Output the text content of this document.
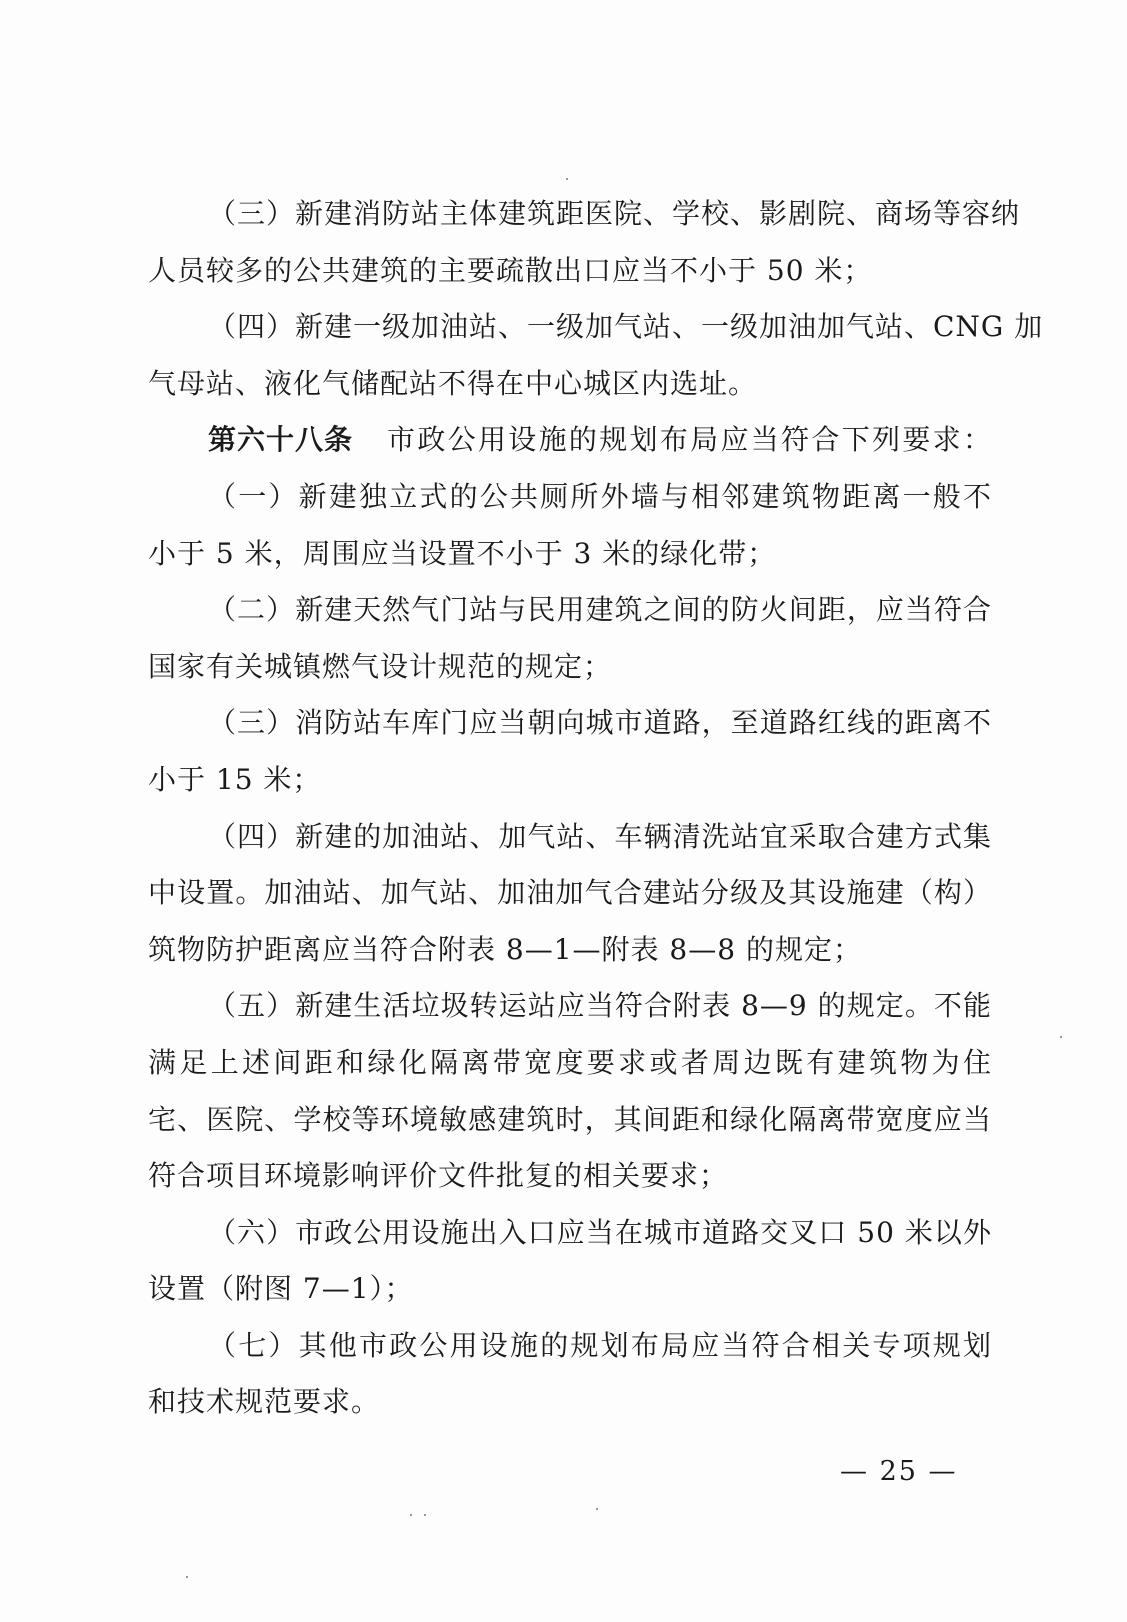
（三）新建消防站主体建筑距医院、学校、影剧院、商场等容纳
人员较多的公共建筑的主要疏散出口应当不小于 50 米；
（四）新建一级加油站、一级加气站、一级加油加气站、CNG 加
气母站、液化气储配站不得在中心城区内选址。
第六十八条 市政公用设施的规划布局应当符合下列要求：
（一）新建独立式的公共厕所外墙与相邻建筑物距离一般不
小于 5 米，周围应当设置不小于 3 米的绿化带；
（二）新建天然气门站与民用建筑之间的防火间距，应当符合
国家有关城镇燃气设计规范的规定；
（三）消防站车库门应当朝向城市道路，至道路红线的距离不
小于 15 米；
（四）新建的加油站、加气站、车辆清洗站宜采取合建方式集
中设置。加油站、加气站、加油加气合建站分级及其设施建（构）
筑物防护距离应当符合附表 8—1—附表 8—8 的规定；
（五）新建生活垃圾转运站应当符合附表 8—9 的规定。不能
满足上述间距和绿化隔离带宽度要求或者周边既有建筑物为住
宅、医院、学校等环境敏感建筑时，其间距和绿化隔离带宽度应当
符合项目环境影响评价文件批复的相关要求；
（六）市政公用设施出入口应当在城市道路交叉口 50 米以外
设置（附图 7—1）；
（七）其他市政公用设施的规划布局应当符合相关专项规划
和技术规范要求。
— 25 —
